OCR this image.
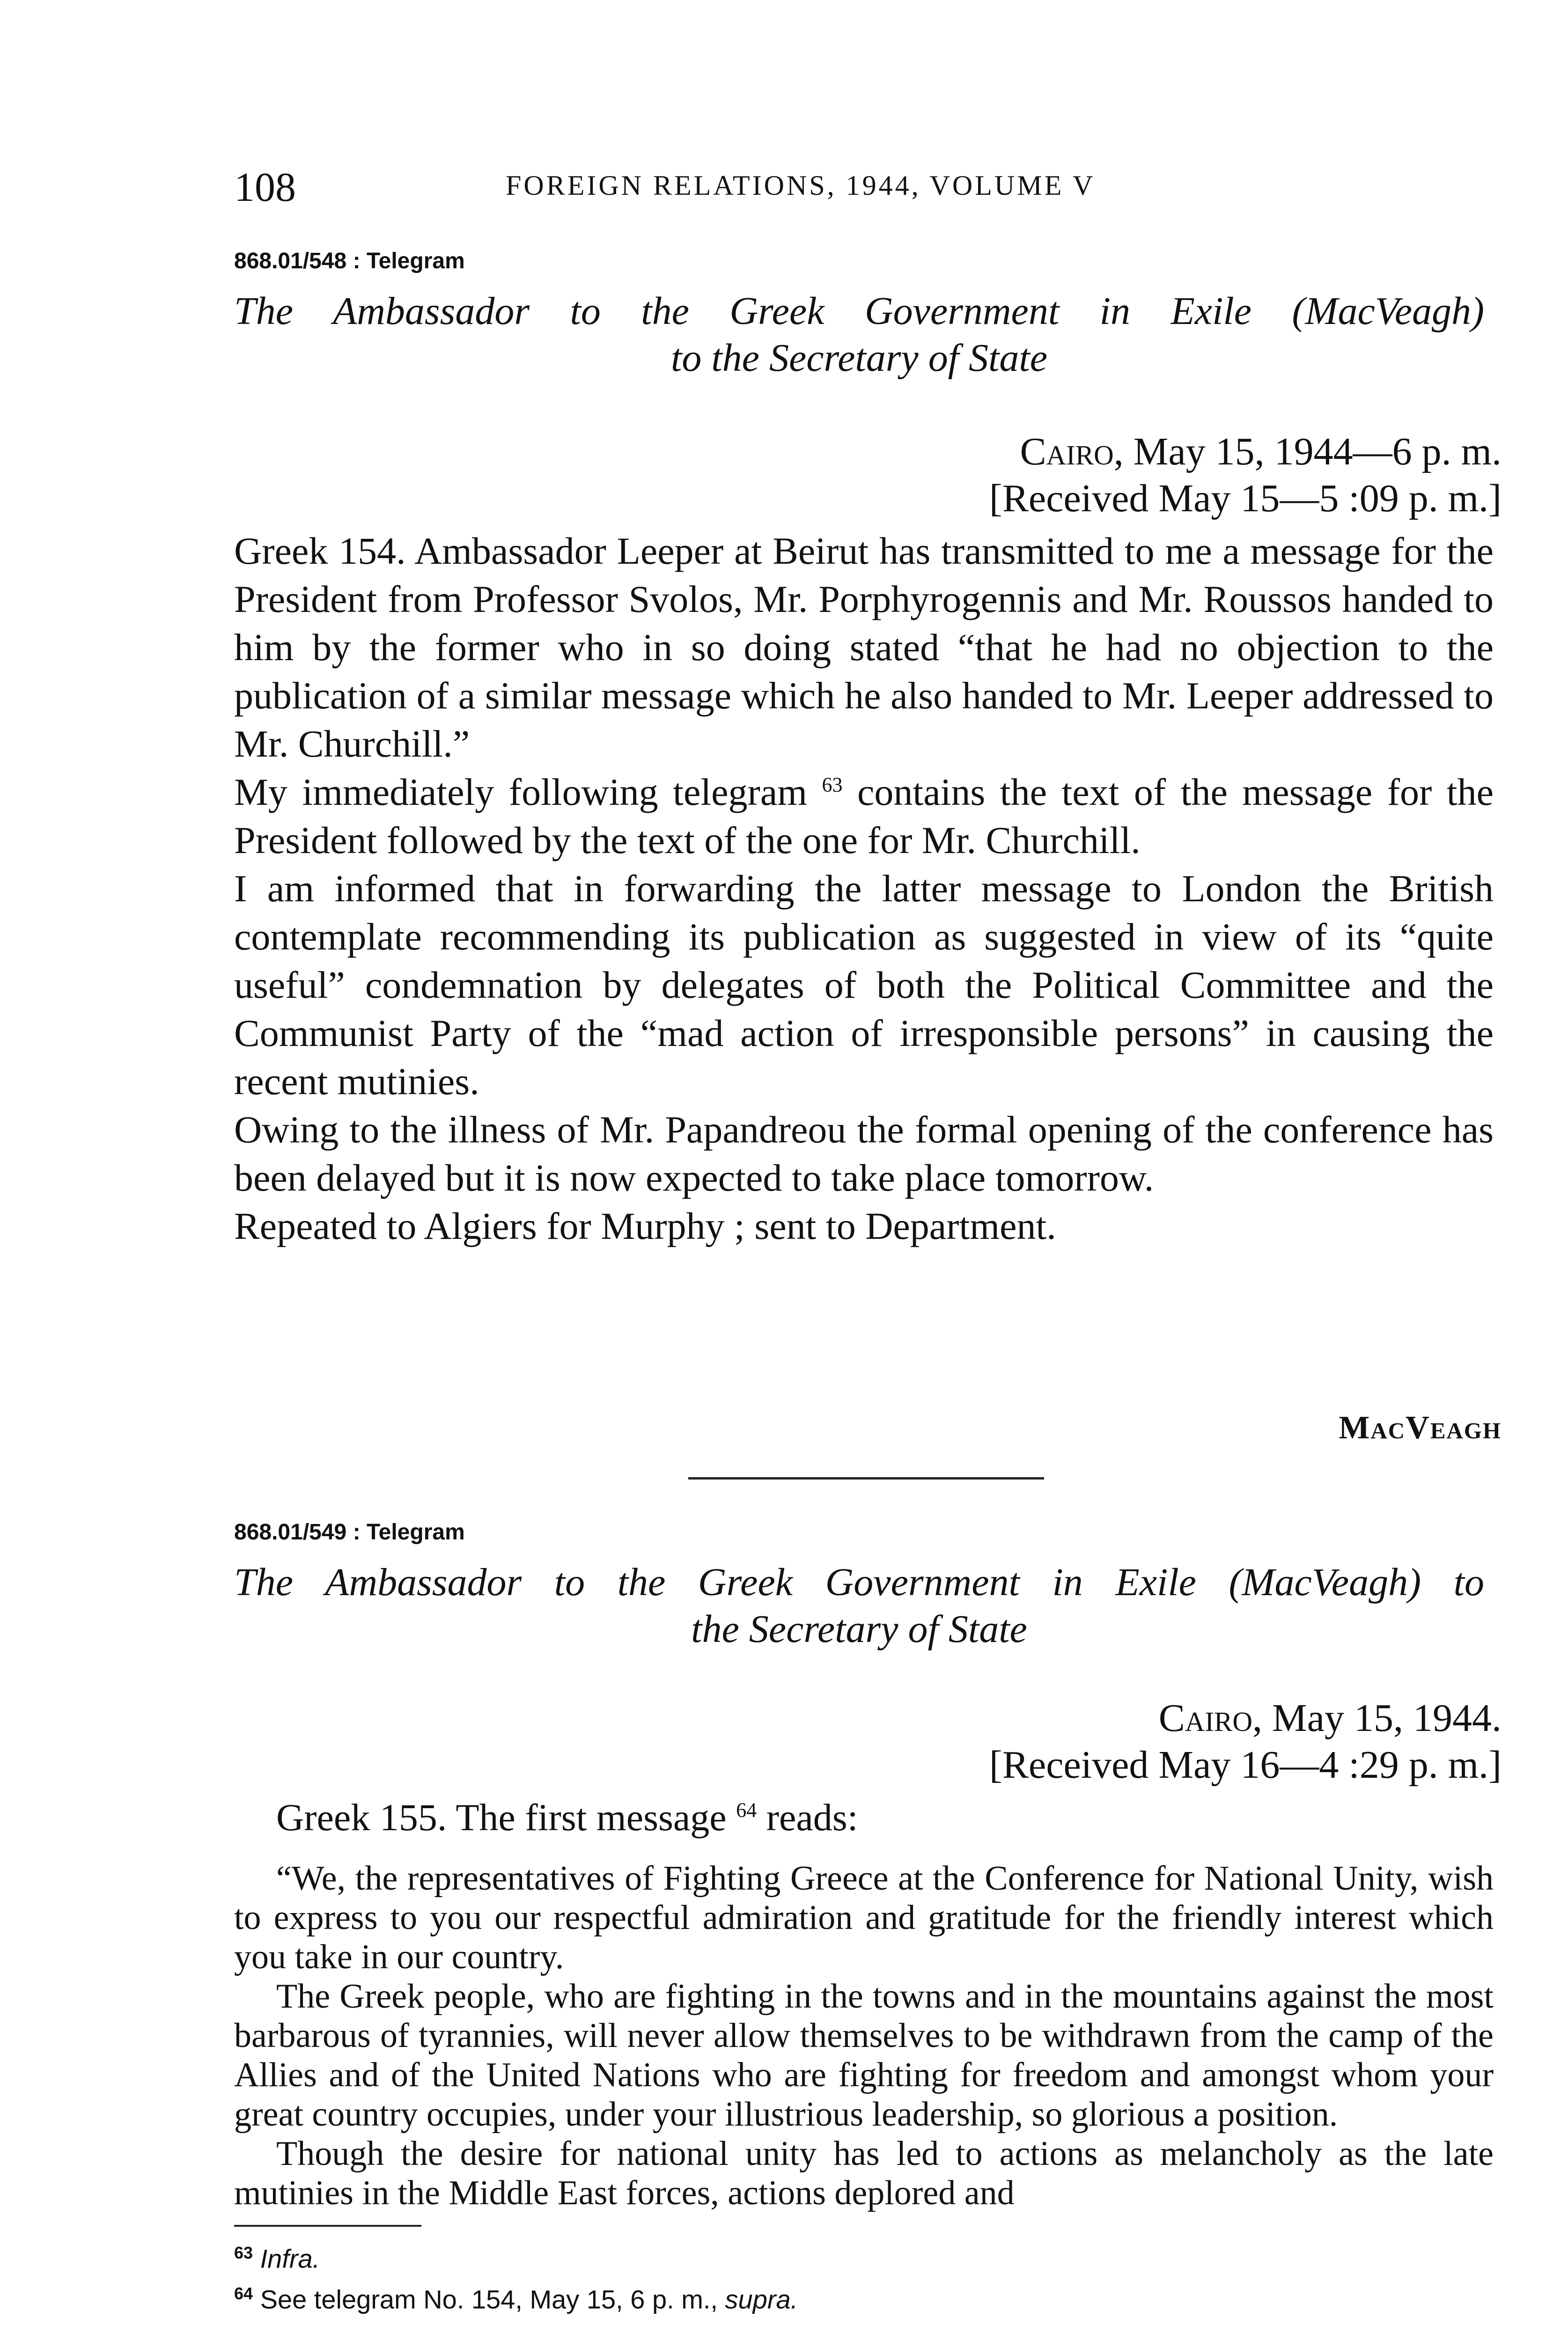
108	FOREIGN RELATIONS, 1944, VOLUME V
868.01/548 : Telegram
The Ambassador to the Greek Government in Exile (MacVeagh)
to the Secretary of State
Cairo, May 15, 1944—6 p. m.
[Received May 15—5 :09 p. m.]

Greek 154. Ambassador Leeper at Beirut has transmitted to me a message for the President from Professor Svolos, Mr. Porphyrogennis and Mr. Roussos handed to him by the former who in so doing stated “that he had no objection to the publication of a similar message which he also handed to Mr. Leeper addressed to Mr. Churchill.”

My immediately following telegram $^{63}$ contains the text of the message for the President followed by the text of the one for Mr. Churchill.

I am informed that in forwarding the latter message to London the British contemplate recommending its publication as suggested in view of its “quite useful” condemnation by delegates of both the Political Committee and the Communist Party of the “mad action of irresponsible persons” in causing the recent mutinies.

Owing to the illness of Mr. Papandreou the formal opening of the conference has been delayed but it is now expected to take place tomorrow.

Repeated to Algiers for Murphy ; sent to Department.

MacVeagh
868.01/549 : Telegram
The Ambassador to the Greek Government in Exile (MacVeagh) to
the Secretary of State
Cairo, May 15, 1944.
[Received May 16—4 :29 p. m.]

Greek 155. The first message $^{64}$ reads:

“We, the representatives of Fighting Greece at the Conference for National Unity, wish to express to you our respectful admiration and gratitude for the friendly interest which you take in our country.

The Greek people, who are fighting in the towns and in the mountains against the most barbarous of tyrannies, will never allow themselves to be withdrawn from the camp of the Allies and of the United Nations who are fighting for freedom and amongst whom your great country occupies, under your illustrious leadership, so glorious a position.

Though the desire for national unity has led to actions as melancholy as the late mutinies in the Middle East forces, actions deplored and

$^{63}$ Infra.
$^{64}$ See telegram No. 154, May 15, 6 p. m., supra.
